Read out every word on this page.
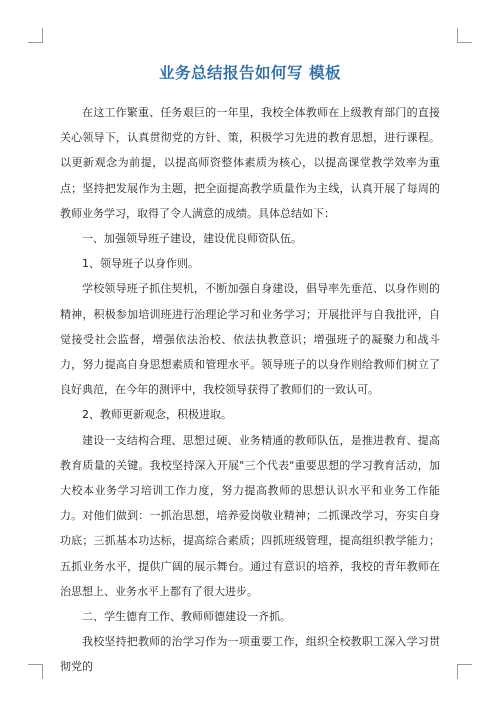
业务总结报告如何写 模板

在这工作繁重、任务艰巨的一年里，我校全体教师在上级教育部门的直接关心领导下，认真贯彻党的方针、策，积极学习先进的教育思想，进行课程。以更新观念为前提，以提高师资整体素质为核心，以提高课堂教学效率为重点；坚持把发展作为主题，把全面提高教学质量作为主线，认真开展了每周的教师业务学习，取得了令人满意的成绩。具体总结如下：

一、加强领导班子建设，建设优良师资队伍。

1、领导班子以身作则。

学校领导班子抓住契机，不断加强自身建设，倡导率先垂范、以身作则的精神，积极参加培训班进行治理论学习和业务学习；开展批评与自我批评，自觉接受社会监督，增强依法治校、依法执教意识；增强班子的凝聚力和战斗力，努力提高自身思想素质和管理水平。领导班子的以身作则给教师们树立了良好典范，在今年的测评中，我校领导获得了教师们的一致认可。

2、教师更新观念，积极进取。

建设一支结构合理、思想过硬、业务精通的教师队伍，是推进教育、提高教育质量的关键。我校坚持深入开展"三个代表"重要思想的学习教育活动，加大校本业务学习培训工作力度，努力提高教师的思想认识水平和业务工作能力。对他们做到：一抓治思想，培养爱岗敬业精神；二抓课改学习，夯实自身功底；三抓基本功达标，提高综合素质；四抓班级管理，提高组织教学能力；五抓业务水平，提供广阔的展示舞台。通过有意识的培养，我校的青年教师在治思想上、业务水平上都有了很大进步。

二、学生德育工作、教师师德建设一齐抓。

我校坚持把教师的治学习作为一项重要工作，组织全校教职工深入学习贯彻党的
